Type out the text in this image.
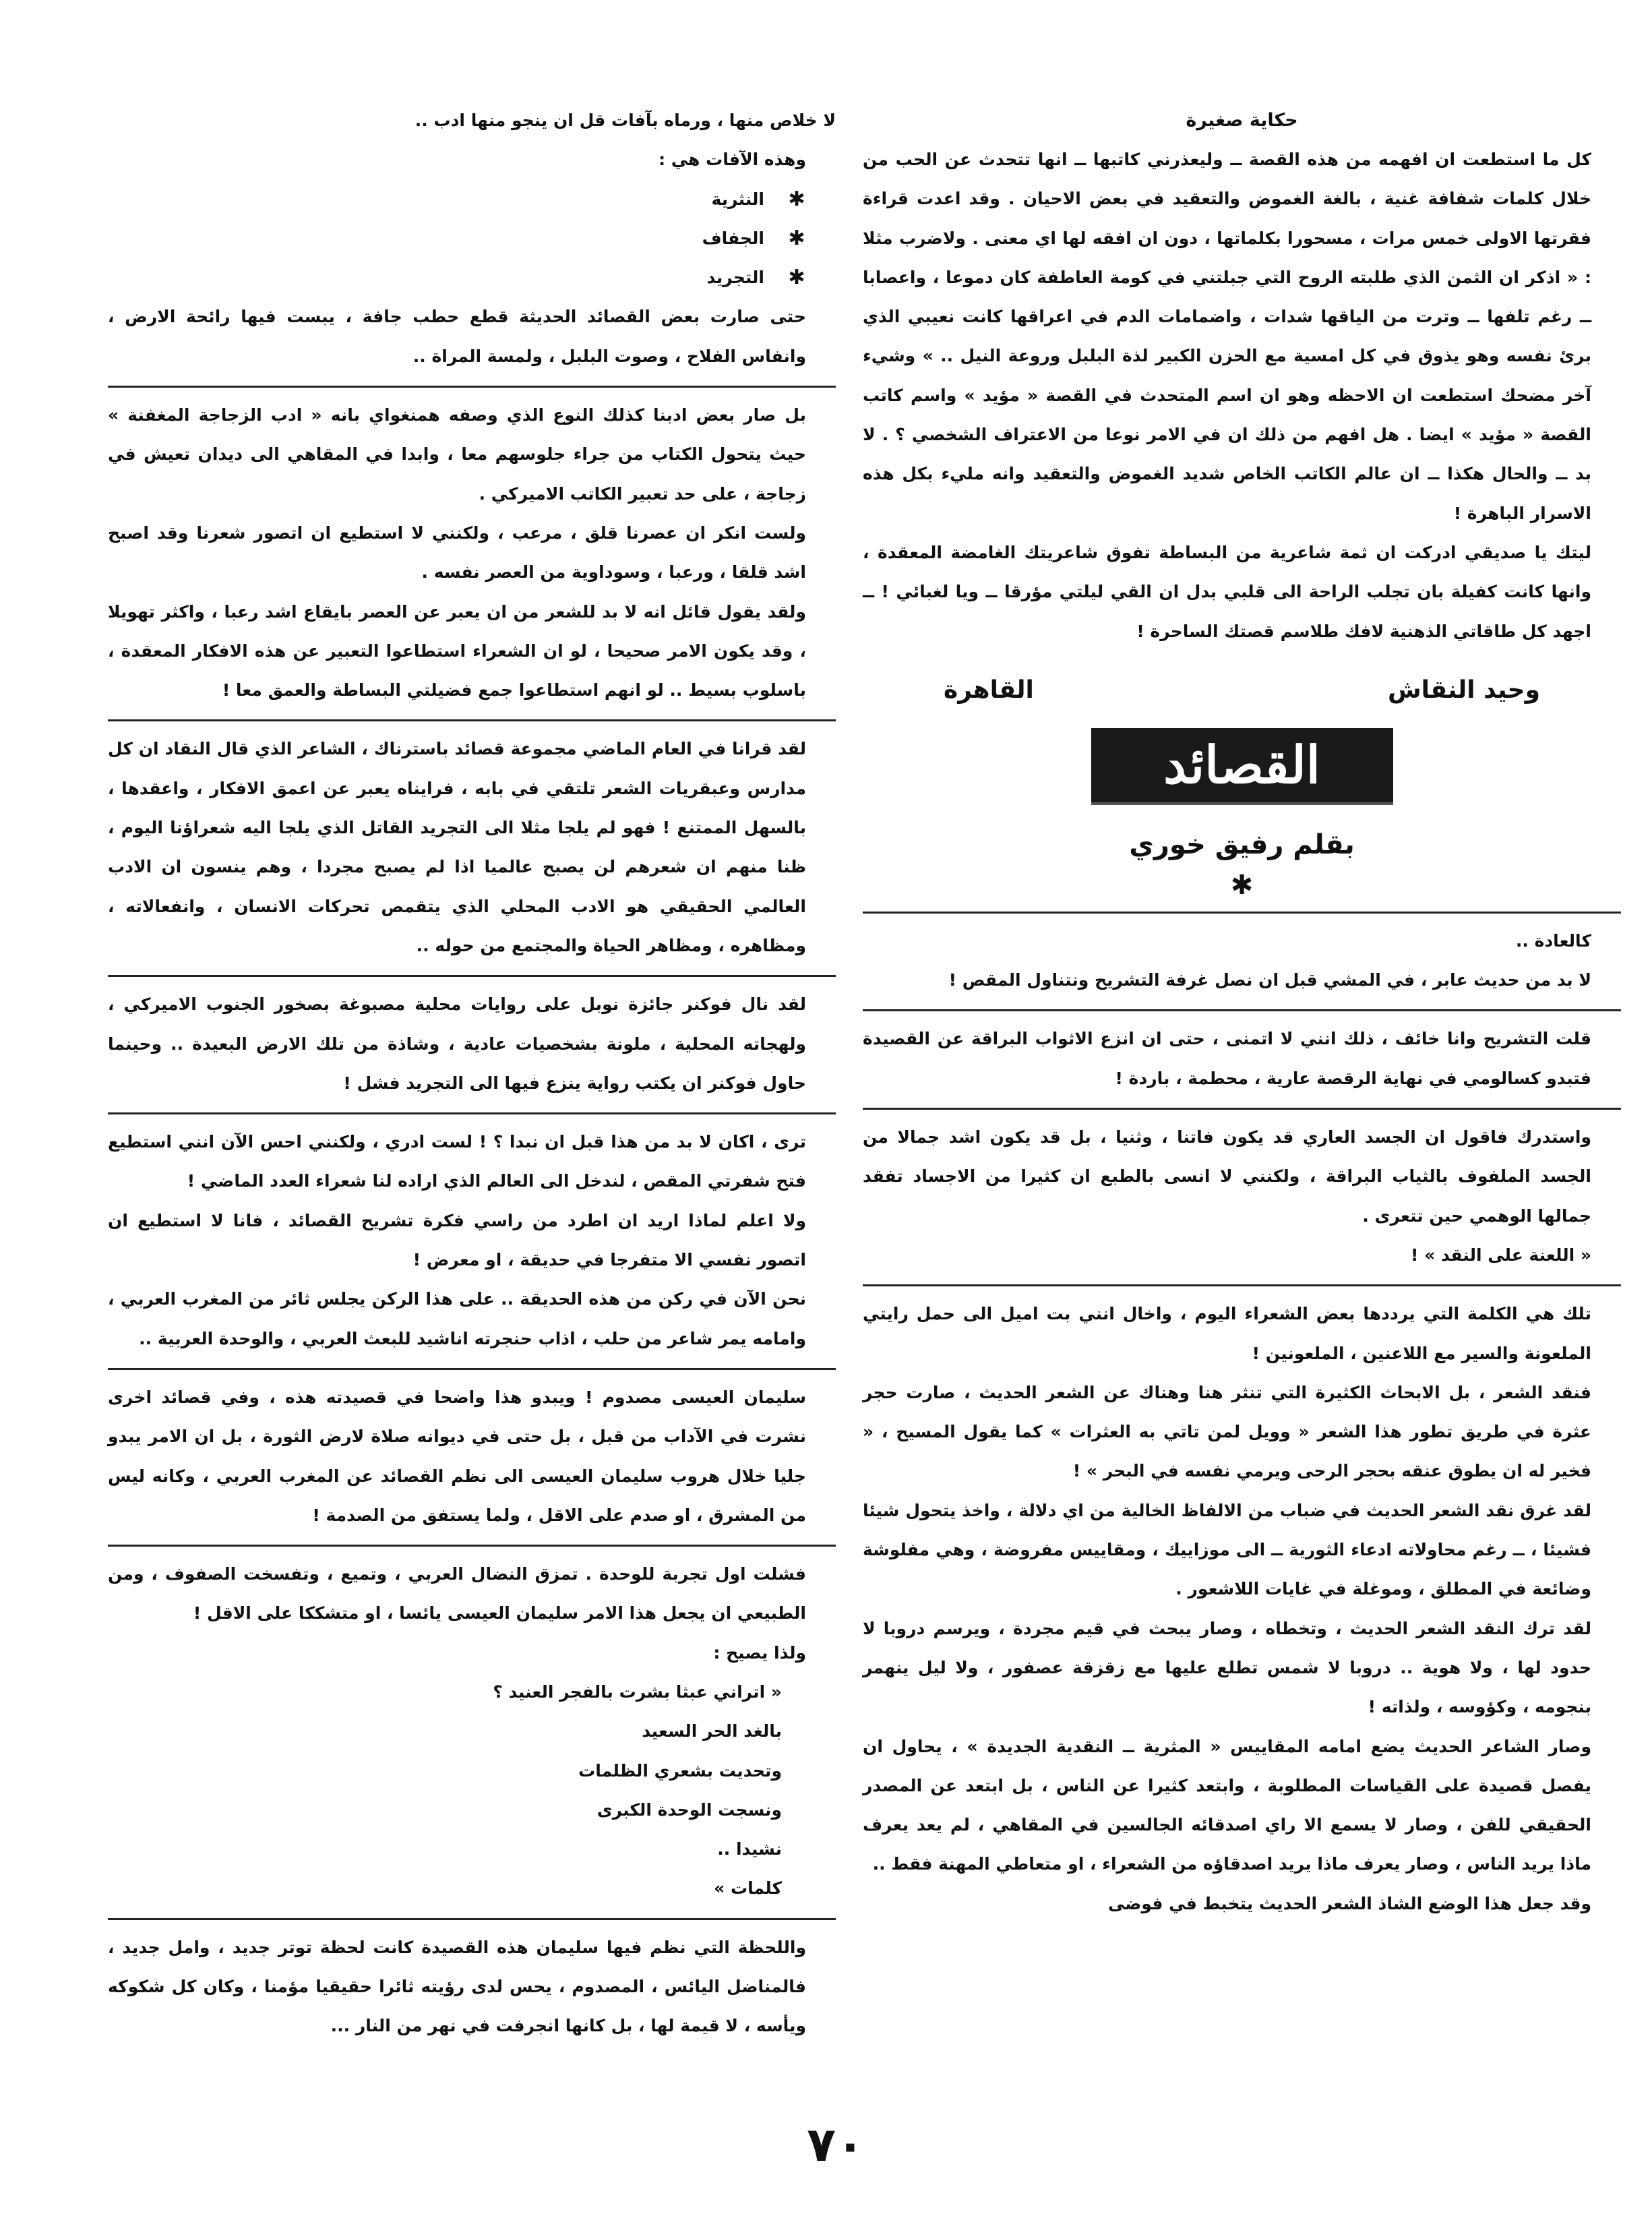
حكاية صغيرة

كل ما استطعت ان افهمه من هذه القصة ــ وليعذرني كاتبها ــ انها تتحدث عن الحب من خلال كلمات شفافة غنية ، بالغة الغموض والتعقيد في بعض الاحيان . وقد اعدت قراءة فقرتها الاولى خمس مرات ، مسحورا بكلماتها ، دون ان افقه لها اي معنى . ولاضرب مثلا : « اذكر ان الثمن الذي طلبته الروح التي جبلتني في كومة العاطفة كان دموعا ، واعصابا ــ رغم تلفها ــ وترت من الياقها شدات ، واضمامات الدم في اعراقها كانت نعيبي الذي برئ نفسه وهو يذوق في كل امسية مع الحزن الكبير لذة البلبل وروعة النيل .. » وشيء آخر مضحك استطعت ان الاحظه وهو ان اسم المتحدث في القصة « مؤيد » واسم كاتب القصة « مؤيد » ايضا . هل افهم من ذلك ان في الامر نوعا من الاعتراف الشخصي ؟ . لا بد ــ والحال هكذا ــ ان عالم الكاتب الخاص شديد الغموض والتعقيد وانه مليء بكل هذه الاسرار الباهرة !

ليتك يا صديقي ادركت ان ثمة شاعرية من البساطة تفوق شاعريتك الغامضة المعقدة ، وانها كانت كفيلة بان تجلب الراحة الى قلبي بدل ان القي ليلتي مؤرقا ــ ويا لغبائي ! ــ اجهد كل طاقاتي الذهنية لافك طلاسم قصتك الساحرة !

وحيد النقاش
القاهرة
القصائد
بقلم رفيق خوري
✱

كالعادة ..

لا بد من حديث عابر ، في المشي قبل ان نصل غرفة التشريح ونتناول المقص !

قلت التشريح وانا خائف ، ذلك انني لا اتمنى ، حتى ان انزع الاثواب البراقة عن القصيدة فتبدو كسالومي في نهاية الرقصة عارية ، محطمة ، باردة !

واستدرك فاقول ان الجسد العاري قد يكون فاتنا ، وثنيا ، بل قد يكون اشد جمالا من الجسد الملفوف بالثياب البراقة ، ولكنني لا انسى بالطبع ان كثيرا من الاجساد تفقد جمالها الوهمي حين تتعرى .

« اللعنة على النقد » !

تلك هي الكلمة التي يرددها بعض الشعراء اليوم ، واخال انني بت اميل الى حمل رايتي الملعونة والسير مع اللاعنين ، الملعونين !

فنقد الشعر ، بل الابحاث الكثيرة التي تنثر هنا وهناك عن الشعر الحديث ، صارت حجر عثرة في طريق تطور هذا الشعر « وويل لمن تاتي به العثرات » كما يقول المسيح ، « فخير له ان يطوق عنقه بحجر الرحى ويرمي نفسه في البحر » !

لقد غرق نقد الشعر الحديث في ضباب من الالفاظ الخالية من اي دلالة ، واخذ يتحول شيئا فشيئا ، ــ رغم محاولاته ادعاء الثورية ــ الى موزاييك ، ومقاييس مفروضة ، وهي مفلوشة وضائعة في المطلق ، وموغلة في غايات اللاشعور .

لقد ترك النقد الشعر الحديث ، وتخطاه ، وصار يبحث في قيم مجردة ، ويرسم دروبا لا حدود لها ، ولا هوية .. دروبا لا شمس تطلع عليها مع زقزقة عصفور ، ولا ليل ينهمر بنجومه ، وكؤوسه ، ولذاته !

وصار الشاعر الحديث يضع امامه المقاييس « المثرية ــ النقدية الجديدة » ، يحاول ان يفصل قصيدة على القياسات المطلوبة ، وابتعد كثيرا عن الناس ، بل ابتعد عن المصدر الحقيقي للفن ، وصار لا يسمع الا راي اصدقائه الجالسين في المقاهي ، لم يعد يعرف ماذا يريد الناس ، وصار يعرف ماذا يريد اصدقاؤه من الشعراء ، او متعاطي المهنة فقط ..

وقد جعل هذا الوضع الشاذ الشعر الحديث يتخبط في فوضى

لا خلاص منها ، ورماه بآفات قل ان ينجو منها ادب ..

وهذه الآفات هي :

✱
النثرية
✱
الجفاف
✱
التجريد

حتى صارت بعض القصائد الحديثة قطع حطب جافة ، يبست فيها رائحة الارض ، وانفاس الفلاح ، وصوت البلبل ، ولمسة المراة ..

بل صار بعض ادبنا كذلك النوع الذي وصفه همنغواي بانه « ادب الزجاجة المغفنة » حيث يتحول الكتاب من جراء جلوسهم معا ، وابدا في المقاهي الى ديدان تعيش في زجاجة ، على حد تعبير الكاتب الاميركي .

ولست انكر ان عصرنا قلق ، مرعب ، ولكنني لا استطيع ان اتصور شعرنا وقد اصبح اشد قلقا ، ورعبا ، وسوداوية من العصر نفسه .

ولقد يقول قائل انه لا بد للشعر من ان يعبر عن العصر بايقاع اشد رعبا ، واكثر تهويلا ، وقد يكون الامر صحيحا ، لو ان الشعراء استطاعوا التعبير عن هذه الافكار المعقدة ، باسلوب بسيط .. لو انهم استطاعوا جمع فضيلتي البساطة والعمق معا !

لقد قرانا في العام الماضي مجموعة قصائد باسترناك ، الشاعر الذي قال النقاد ان كل مدارس وعبقريات الشعر تلتقي في بابه ، فرايناه يعبر عن اعمق الافكار ، واعقدها ، بالسهل الممتنع ! فهو لم يلجا مثلا الى التجريد القاتل الذي يلجا اليه شعراؤنا اليوم ، ظنا منهم ان شعرهم لن يصبح عالميا اذا لم يصبح مجردا ، وهم ينسون ان الادب العالمي الحقيقي هو الادب المحلي الذي يتقمص تحركات الانسان ، وانفعالاته ، ومظاهره ، ومظاهر الحياة والمجتمع من حوله ..

لقد نال فوكنر جائزة نوبل على روايات محلية مصبوغة بصخور الجنوب الاميركي ، ولهجاته المحلية ، ملونة بشخصيات عادية ، وشاذة من تلك الارض البعيدة .. وحينما حاول فوكنر ان يكتب رواية ينزع فيها الى التجريد فشل !

ترى ، اكان لا بد من هذا قبل ان نبدا ؟ ! لست ادري ، ولكنني احس الآن انني استطيع فتح شفرتي المقص ، لندخل الى العالم الذي اراده لنا شعراء العدد الماضي !

ولا اعلم لماذا اريد ان اطرد من راسي فكرة تشريح القصائد ، فانا لا استطيع ان اتصور نفسي الا متفرجا في حديقة ، او معرض !

نحن الآن في ركن من هذه الحديقة .. على هذا الركن يجلس ثائر من المغرب العربي ، وامامه يمر شاعر من حلب ، اذاب حنجرته اناشيد للبعث العربي ، والوحدة العربية ..

سليمان العيسى مصدوم ! ويبدو هذا واضحا في قصيدته هذه ، وفي قصائد اخرى نشرت في الآداب من قبل ، بل حتى في ديوانه صلاة لارض الثورة ، بل ان الامر يبدو جليا خلال هروب سليمان العيسى الى نظم القصائد عن المغرب العربي ، وكانه ليس من المشرق ، او صدم على الاقل ، ولما يستفق من الصدمة !

فشلت اول تجربة للوحدة . تمزق النضال العربي ، وتميع ، وتفسخت الصفوف ، ومن الطبيعي ان يجعل هذا الامر سليمان العيسى يائسا ، او متشككا على الاقل !

ولذا يصيح :

« اتراني عبثا بشرت بالفجر العنيد ؟

بالغد الحر السعيد

وتحديت بشعري الظلمات

ونسجت الوحدة الكبرى

نشيدا ..

كلمات »

واللحظة التي نظم فيها سليمان هذه القصيدة كانت لحظة توتر جديد ، وامل جديد ، فالمناضل اليائس ، المصدوم ، يحس لدى رؤيته ثائرا حقيقيا مؤمنا ، وكان كل شكوكه ويأسه ، لا قيمة لها ، بل كانها انجرفت في نهر من النار ...

٧٠
